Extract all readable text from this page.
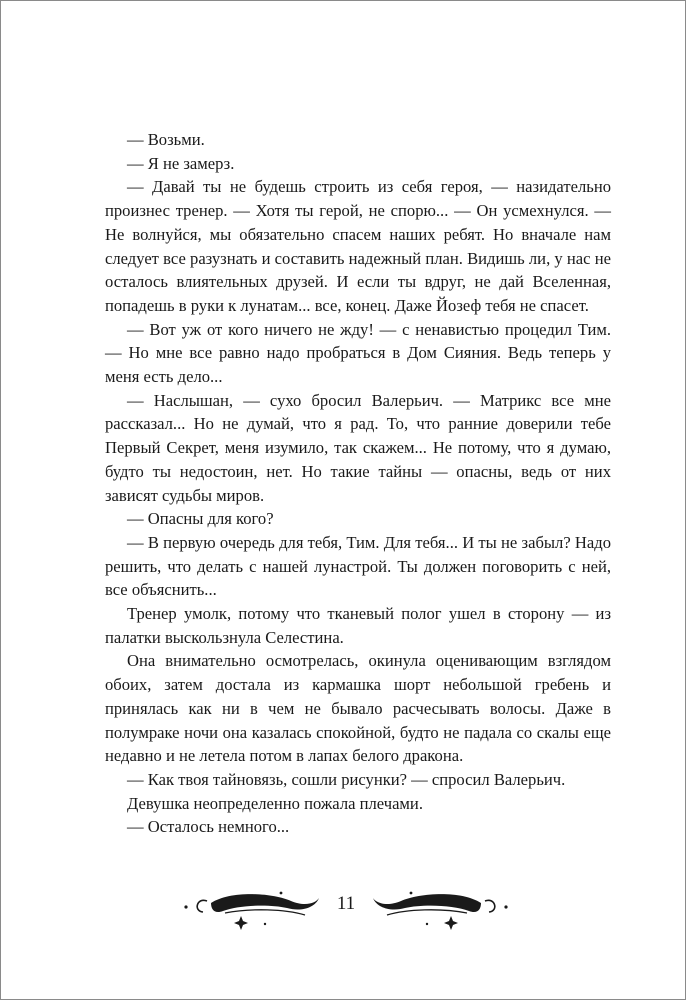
— Возьми.

— Я не замерз.

— Давай ты не будешь строить из себя героя, — назидательно произнес тренер. — Хотя ты герой, не спорю... — Он усмехнулся. — Не волнуйся, мы обязательно спасем наших ребят. Но вначале нам следует все разузнать и составить надежный план. Видишь ли, у нас не осталось влиятельных друзей. И если ты вдруг, не дай Вселенная, попадешь в руки к лунатам... все, конец. Даже Йозеф тебя не спасет.

— Вот уж от кого ничего не жду! — с ненавистью процедил Тим. — Но мне все равно надо пробраться в Дом Сияния. Ведь теперь у меня есть дело...

— Наслышан, — сухо бросил Валерьич. — Матрикс все мне рассказал... Но не думай, что я рад. То, что ранние доверили тебе Первый Секрет, меня изумило, так скажем... Не потому, что я думаю, будто ты недостоин, нет. Но такие тайны — опасны, ведь от них зависят судьбы миров.

— Опасны для кого?

— В первую очередь для тебя, Тим. Для тебя... И ты не забыл? Надо решить, что делать с нашей лунастрой. Ты должен поговорить с ней, все объяснить...

Тренер умолк, потому что тканевый полог ушел в сторону — из палатки выскользнула Селестина.

Она внимательно осмотрелась, окинула оценивающим взглядом обоих, затем достала из кармашка шорт небольшой гребень и принялась как ни в чем не бывало расчесывать волосы. Даже в полумраке ночи она казалась спокойной, будто не падала со скалы еще недавно и не летела потом в лапах белого дракона.

— Как твоя тайновязь, сошли рисунки? — спросил Валерьич.

Девушка неопределенно пожала плечами.

— Осталось немного...

11
